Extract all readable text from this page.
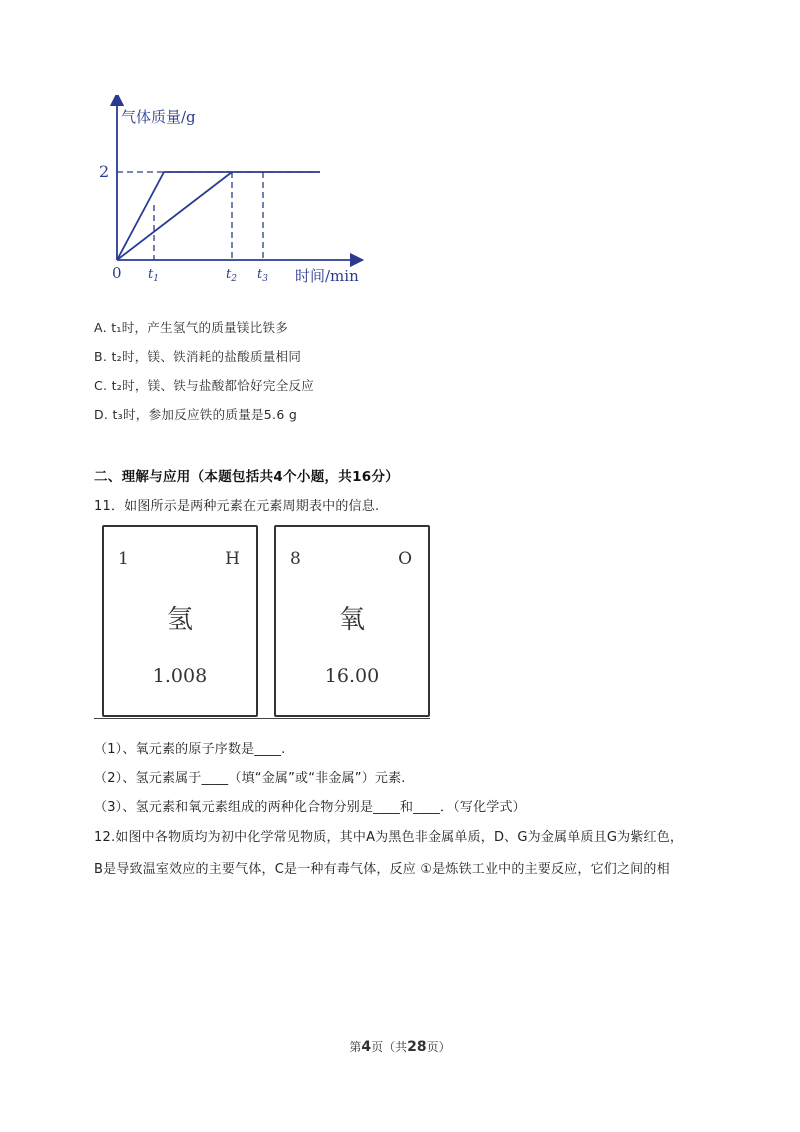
气体质量/g
2
0 $t_1$	$t_2$ $t_3$ 时间/min
A. t₁时，产生氢气的质量镁比铁多
B. t₂时，镁、铁消耗的盐酸质量相同
C. t₂时，镁、铁与盐酸都恰好完全反应
D. t₃时，参加反应铁的质量是5.6 g
二、理解与应用（本题包括共4个小题，共16分）
11．如图所示是两种元素在元素周期表中的信息.
1	H
氢
1.008
8	O
氧
16.00
（1）、氧元素的原子序数是____.
（2）、氢元素属于____（填“金属”或“非金属”）元素.
（3）、氢元素和氧元素组成的两种化合物分别是____和____．（写化学式）
12.如图中各物质均为初中化学常见物质，其中A为黑色非金属单质，D、G为金属单质且G为紫红色，
B是导致温室效应的主要气体，C是一种有毒气体，反应 ①是炼铁工业中的主要反应，它们之间的相
第4页（共28页）
